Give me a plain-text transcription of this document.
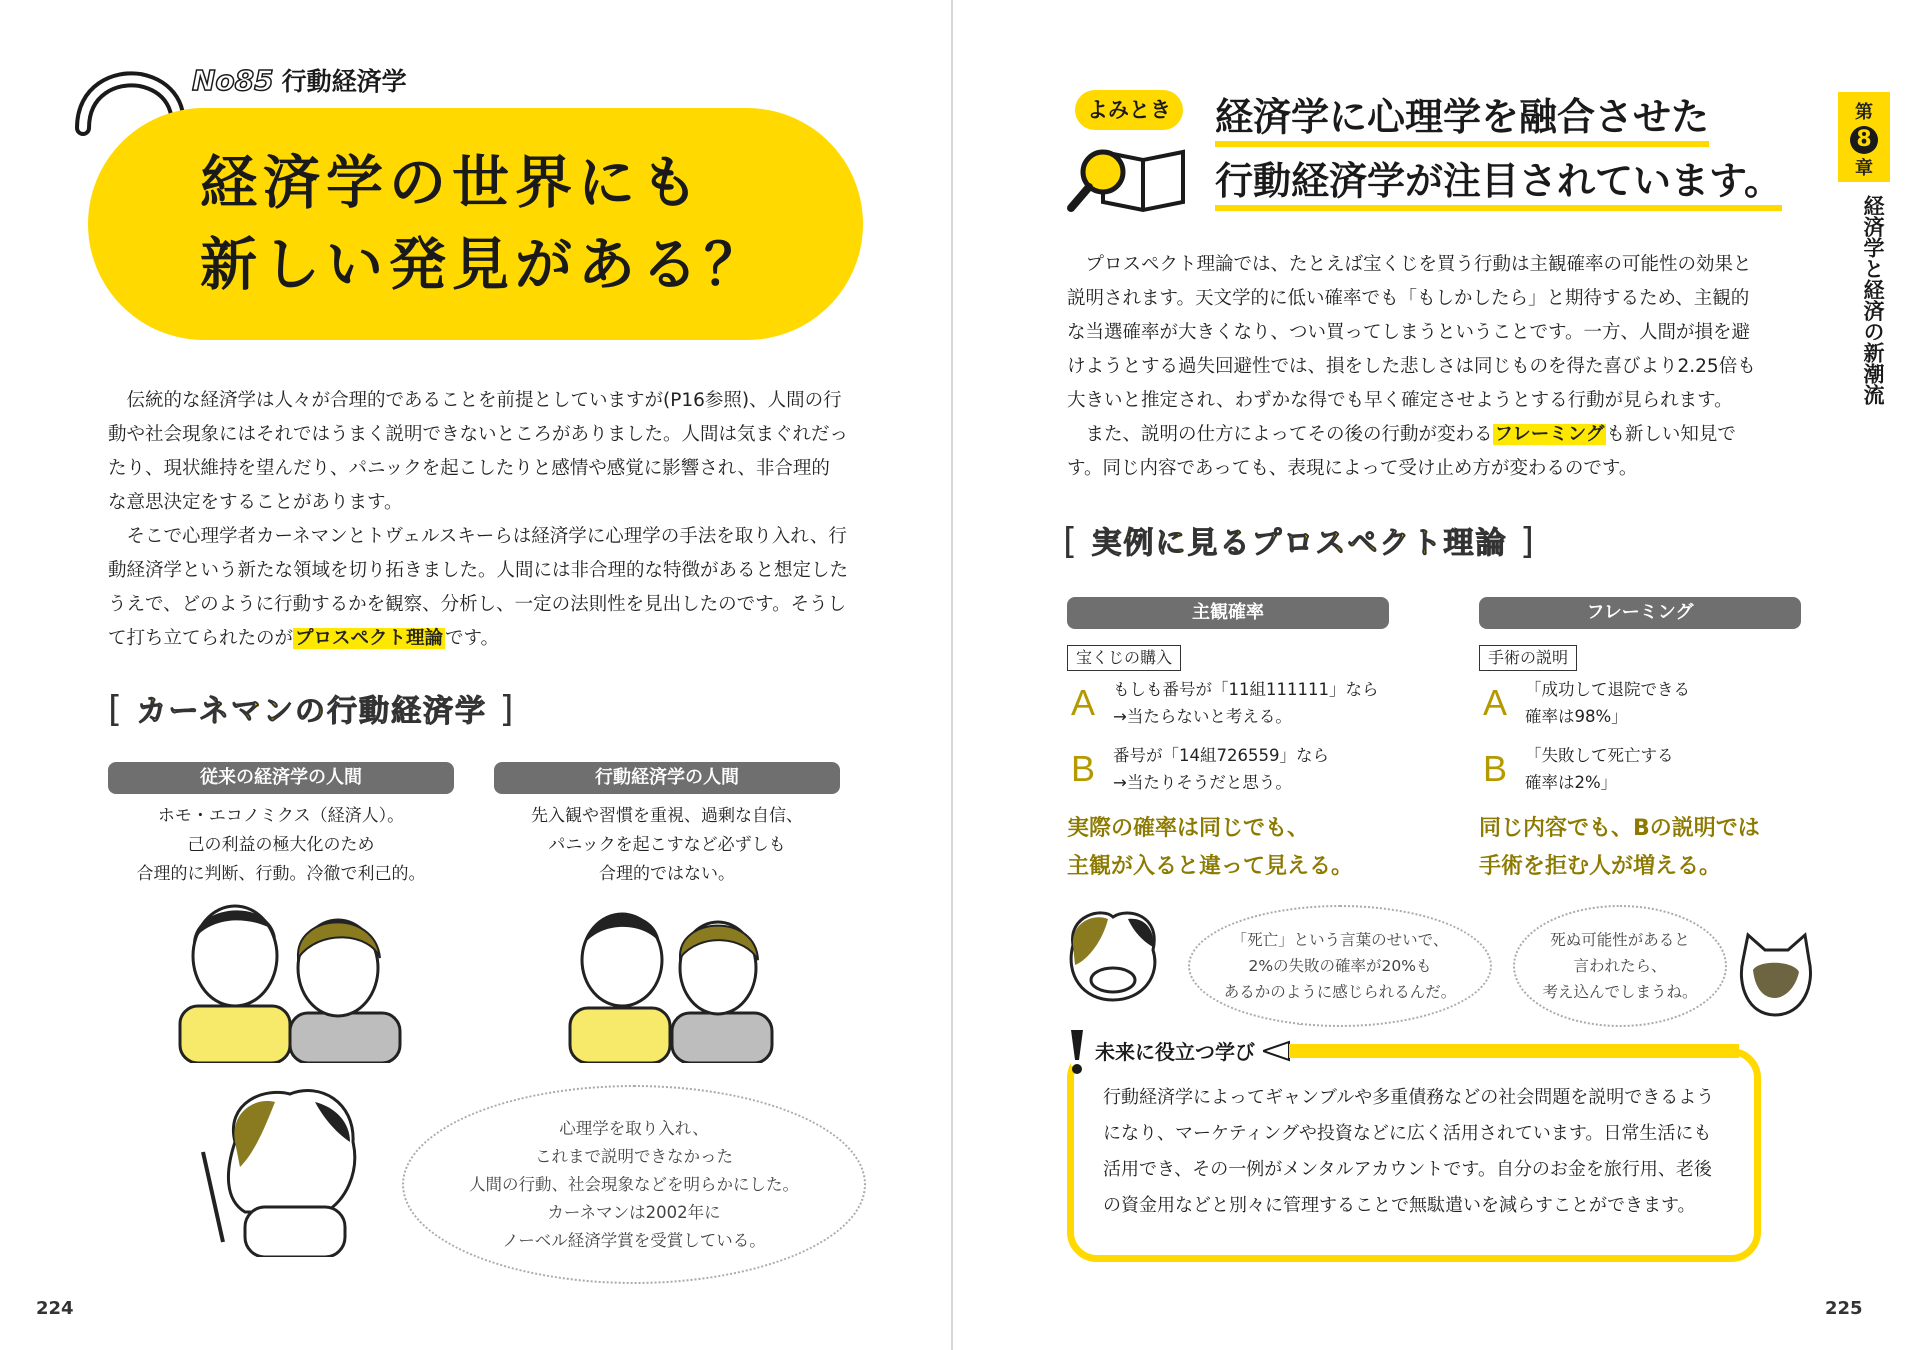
No85 行動経済学
経済学の世界にも
新しい発見がある？

伝統的な経済学は人々が合理的であることを前提としていますが(P16参照)、人間の行動や社会現象にはそれではうまく説明できないところがありました。人間は気まぐれだったり、現状維持を望んだり、パニックを起こしたりと感情や感覚に影響され、非合理的な意思決定をすることがあります。

そこで心理学者カーネマンとトヴェルスキーらは経済学に心理学の手法を取り入れ、行動経済学という新たな領域を切り拓きました。人間には非合理的な特徴があると想定したうえで、どのように行動するかを観察、分析し、一定の法則性を見出したのです。そうして打ち立てられたのが プロスペクト理論 です。

[ カーネマンの行動経済学 ]
従来の経済学の人間
ホモ・エコノミクス（経済人）。
己の利益の極大化のため
合理的に判断、行動。冷徹で利己的。
行動経済学の人間
先入観や習慣を重視、過剰な自信、
パニックを起こすなど必ずしも
合理的ではない。
心理学を取り入れ、
これまで説明できなかった
人間の行動、社会現象などを明らかにした。
カーネマンは2002年に
ノーベル経済学賞を受賞している。
224
よみとき	経済学に心理学を融合させた
行動経済学が注目されています。
第
8
章
経済学と経済の新潮流

プロスペクト理論では、たとえば宝くじを買う行動は主観確率の可能性の効果と説明されます。天文学的に低い確率でも「もしかしたら」と期待するため、主観的な当選確率が大きくなり、つい買ってしまうということです。一方、人間が損を避けようとする過失回避性では、損をした悲しさは同じものを得た喜びより2.25倍も大きいと推定され、わずかな得でも早く確定させようとする行動が見られます。

また、説明の仕方によってその後の行動が変わる フレーミング も新しい知見です。同じ内容であっても、表現によって受け止め方が変わるのです。

[ 実例に見るプロスペクト理論 ]
主観確率
宝くじの購入
A もしも番号が「11組111111」なら
→当たらないと考える。
B 番号が「14組726559」なら
→当たりそうだと思う。
実際の確率は同じでも、
主観が入ると違って見える。
フレーミング
手術の説明
A 「成功して退院できる
確率は98%」
B 「失敗して死亡する
確率は2%」
同じ内容でも、Bの説明では
手術を拒む人が増える。
「死亡」という言葉のせいで、
2%の失敗の確率が20%も
あるかのように感じられるんだ。
死ぬ可能性があると
言われたら、
考え込んでしまうね。
未来に役立つ学び
行動経済学によってギャンブルや多重債務などの社会問題を説明できるようになり、マーケティングや投資などに広く活用されています。日常生活にも活用でき、その一例がメンタルアカウントです。自分のお金を旅行用、老後の資金用などと別々に管理することで無駄遣いを減らすことができます。
225
